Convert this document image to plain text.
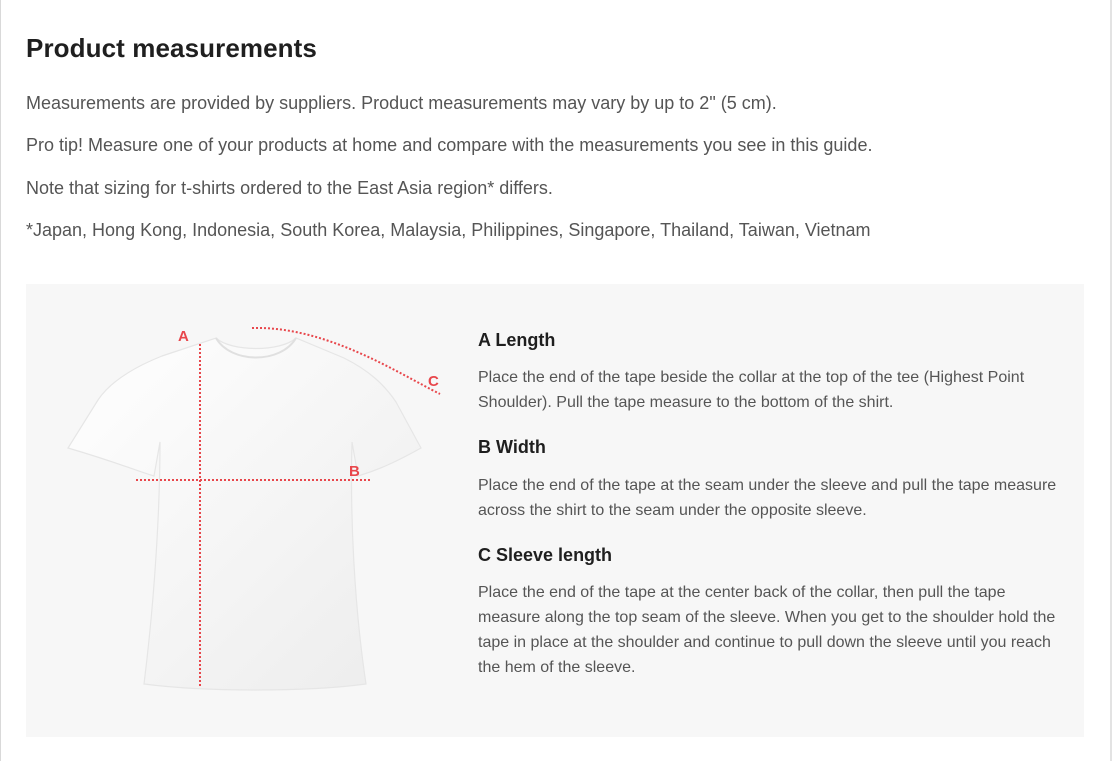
Product measurements

Measurements are provided by suppliers. Product measurements may vary by up to 2" (5 cm).

Pro tip! Measure one of your products at home and compare with the measurements you see in this guide.

Note that sizing for t-shirts ordered to the East Asia region* differs.

*Japan, Hong Kong, Indonesia, South Korea, Malaysia, Philippines, Singapore, Thailand, Taiwan, Vietnam

A
B
C
A Length

Place the end of the tape beside the collar at the top of the tee (Highest Point Shoulder). Pull the tape measure to the bottom of the shirt.

B Width

Place the end of the tape at the seam under the sleeve and pull the tape measure across the shirt to the seam under the opposite sleeve.

C Sleeve length

Place the end of the tape at the center back of the collar, then pull the tape measure along the top seam of the sleeve. When you get to the shoulder hold the tape in place at the shoulder and continue to pull down the sleeve until you reach the hem of the sleeve.
